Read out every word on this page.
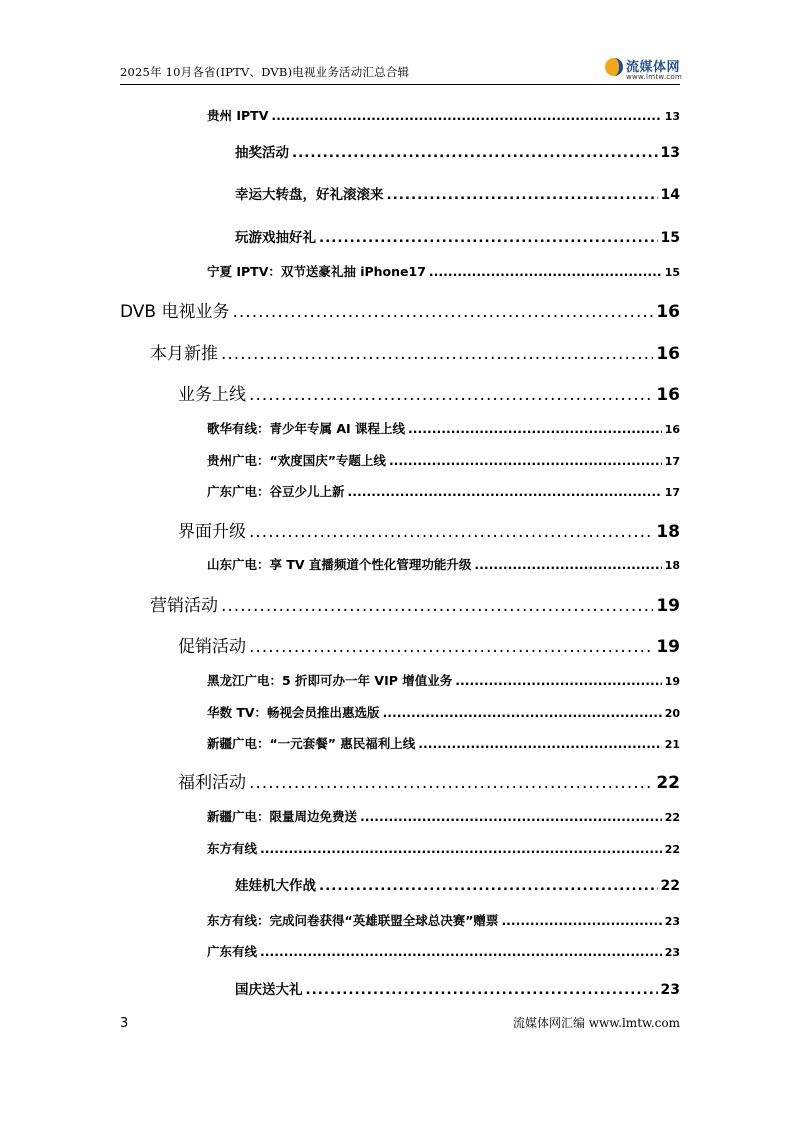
2025年 10月各省(IPTV、DVB)电视业务活动汇总合辑	流媒体网
www.lmtw.com
贵州 IPTV .....	13
抽奖活动 .....	13
幸运大转盘，好礼滚滚来 .....	14
玩游戏抽好礼 .....	15
宁夏 IPTV：双节送豪礼抽 iPhone17 .....	15
DVB 电视业务 .....	16
本月新推 .....	16
业务上线 .....	16
歌华有线：青少年专属 AI 课程上线 .....	16
贵州广电：“欢度国庆”专题上线 .....	17
广东广电：谷豆少儿上新 .....	17
界面升级 .....	18
山东广电：享 TV 直播频道个性化管理功能升级 .....	18
营销活动 .....	19
促销活动 .....	19
黑龙江广电：5 折即可办一年 VIP 增值业务 .....	19
华数 TV：畅视会员推出惠选版 .....	20
新疆广电：“一元套餐” 惠民福利上线 .....	21
福利活动 .....	22
新疆广电：限量周边免费送 .....	22
东方有线 .....	22
娃娃机大作战 .....	22
东方有线：完成问卷获得“英雄联盟全球总决赛”赠票 .....	23
广东有线 .....	23
国庆送大礼 .....	23
3	流媒体网汇编 www.lmtw.com
